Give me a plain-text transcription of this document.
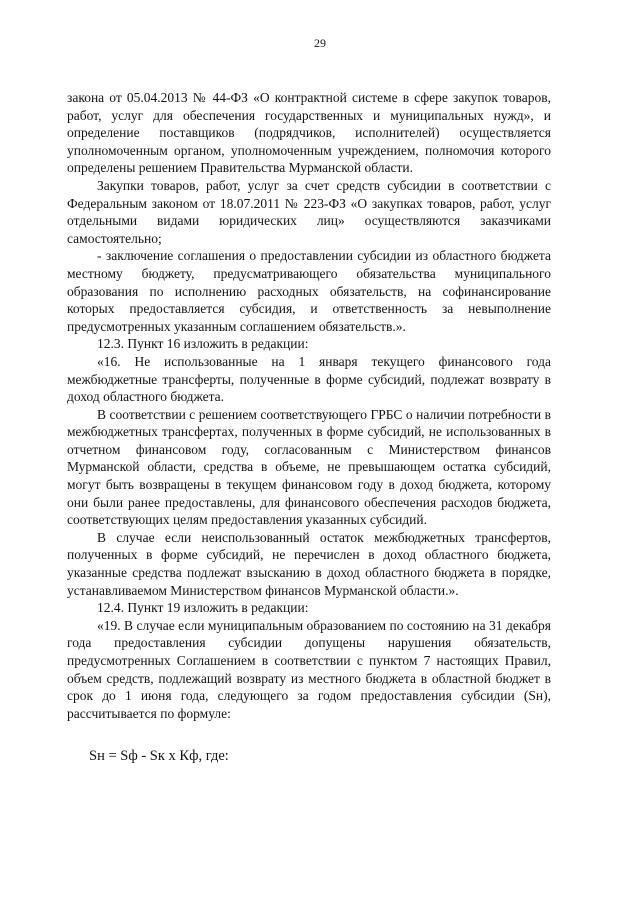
29

закона от 05.04.2013 № 44-ФЗ «О контрактной системе в сфере закупок товаров, работ, услуг для обеспечения государственных и муниципальных нужд», и определение поставщиков (подрядчиков, исполнителей) осуществляется уполномоченным органом, уполномоченным учреждением, полномочия которого определены решением Правительства Мурманской области.

Закупки товаров, работ, услуг за счет средств субсидии в соответствии с Федеральным законом от 18.07.2011 № 223-ФЗ «О закупках товаров, работ, услуг отдельными видами юридических лиц» осуществляются заказчиками самостоятельно;

- заключение соглашения о предоставлении субсидии из областного бюджета местному бюджету, предусматривающего обязательства муниципального образования по исполнению расходных обязательств, на софинансирование которых предоставляется субсидия, и ответственность за невыполнение предусмотренных указанным соглашением обязательств.».

12.3. Пункт 16 изложить в редакции:

«16. Не использованные на 1 января текущего финансового года межбюджетные трансферты, полученные в форме субсидий, подлежат возврату в доход областного бюджета.

В соответствии с решением соответствующего ГРБС о наличии потребности в межбюджетных трансфертах, полученных в форме субсидий, не использованных в отчетном финансовом году, согласованным с Министерством финансов Мурманской области, средства в объеме, не превышающем остатка субсидий, могут быть возвращены в текущем финансовом году в доход бюджета, которому они были ранее предоставлены, для финансового обеспечения расходов бюджета, соответствующих целям предоставления указанных субсидий.

В случае если неиспользованный остаток межбюджетных трансфертов, полученных в форме субсидий, не перечислен в доход областного бюджета, указанные средства подлежат взысканию в доход областного бюджета в порядке, устанавливаемом Министерством финансов Мурманской области.».

12.4. Пункт 19 изложить в редакции:

«19. В случае если муниципальным образованием по состоянию на 31 декабря года предоставления субсидии допущены нарушения обязательств, предусмотренных Соглашением в соответствии с пунктом 7 настоящих Правил, объем средств, подлежащий возврату из местного бюджета в областной бюджет в срок до 1 июня года, следующего за годом предоставления субсидии (Sн), рассчитывается по формуле:

Sн = Sф - Sк х Кф, где:
